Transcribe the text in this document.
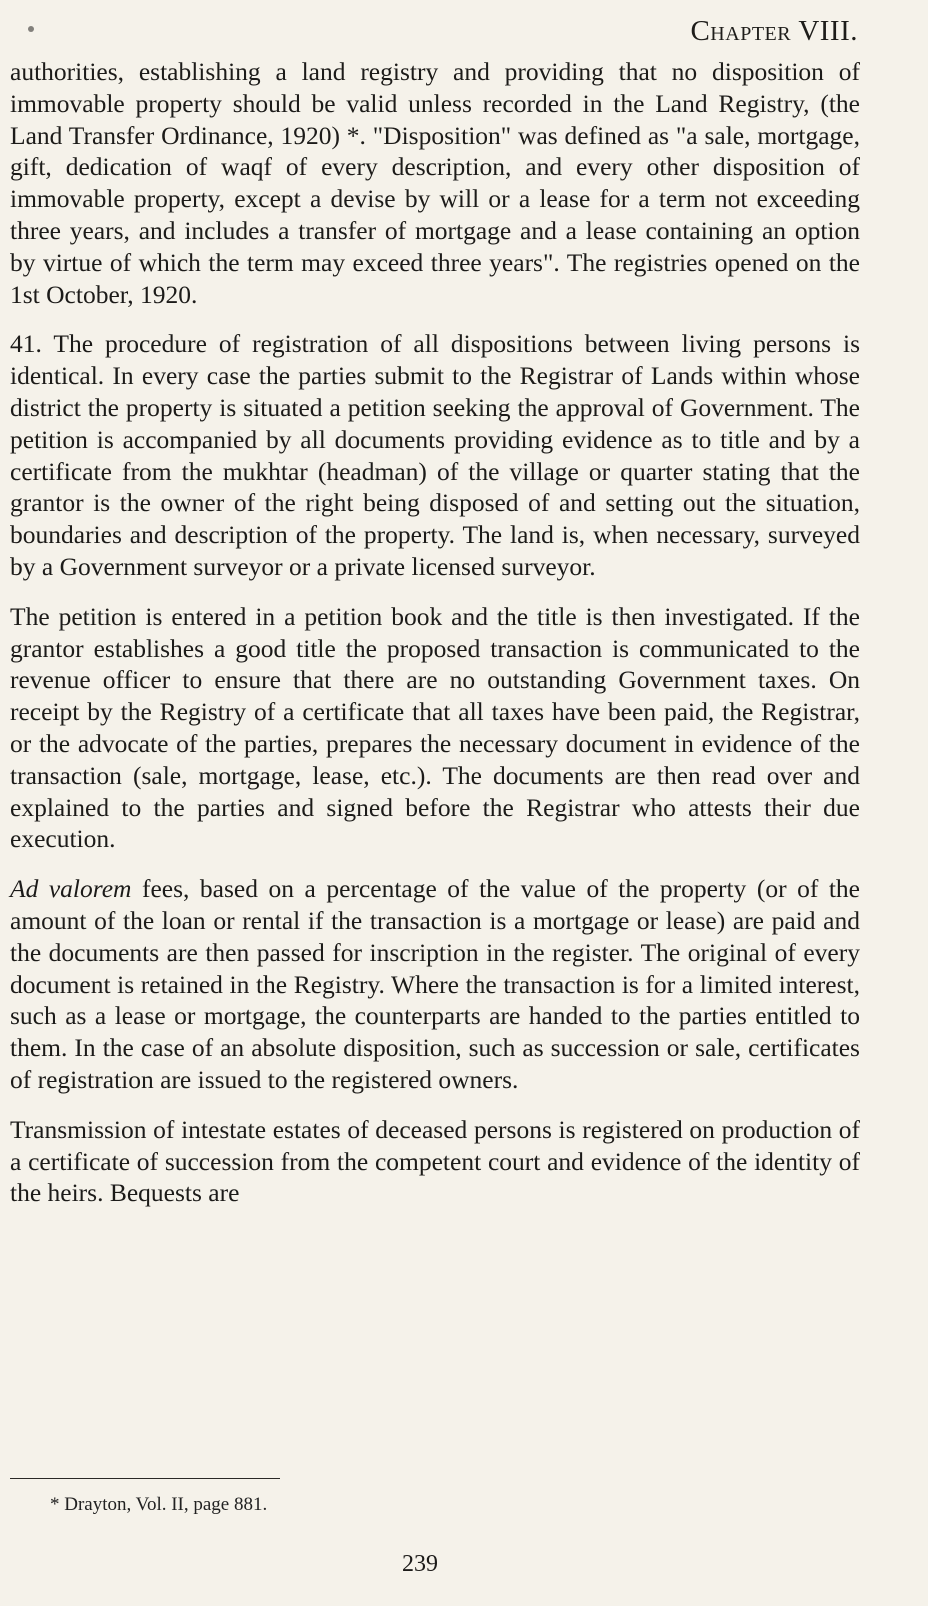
Chapter VIII.

authorities, establishing a land registry and providing that no disposition of immovable property should be valid unless recorded in the Land Registry, (the Land Transfer Ordinance, 1920) *. "Disposition" was defined as "a sale, mortgage, gift, dedication of waqf of every description, and every other disposition of immovable property, except a devise by will or a lease for a term not exceeding three years, and includes a transfer of mortgage and a lease containing an option by virtue of which the term may exceed three years". The registries opened on the 1st October, 1920.

41. The procedure of registration of all dispositions between living persons is identical. In every case the parties submit to the Registrar of Lands within whose district the property is situated a petition seeking the approval of Government. The petition is accompanied by all documents providing evidence as to title and by a certificate from the mukhtar (headman) of the village or quarter stating that the grantor is the owner of the right being disposed of and setting out the situation, boundaries and description of the property. The land is, when necessary, surveyed by a Government surveyor or a private licensed surveyor.

The petition is entered in a petition book and the title is then investigated. If the grantor establishes a good title the proposed transaction is communicated to the revenue officer to ensure that there are no outstanding Government taxes. On receipt by the Registry of a certificate that all taxes have been paid, the Registrar, or the advocate of the parties, prepares the necessary document in evidence of the transaction (sale, mortgage, lease, etc.). The documents are then read over and explained to the parties and signed before the Registrar who attests their due execution.

Ad valorem fees, based on a percentage of the value of the property (or of the amount of the loan or rental if the transaction is a mortgage or lease) are paid and the documents are then passed for inscription in the register. The original of every document is retained in the Registry. Where the transaction is for a limited interest, such as a lease or mortgage, the counterparts are handed to the parties entitled to them. In the case of an absolute disposition, such as succession or sale, certificates of registration are issued to the registered owners.

Transmission of intestate estates of deceased persons is registered on production of a certificate of succession from the competent court and evidence of the identity of the heirs. Bequests are

* Drayton, Vol. II, page 881.
239
